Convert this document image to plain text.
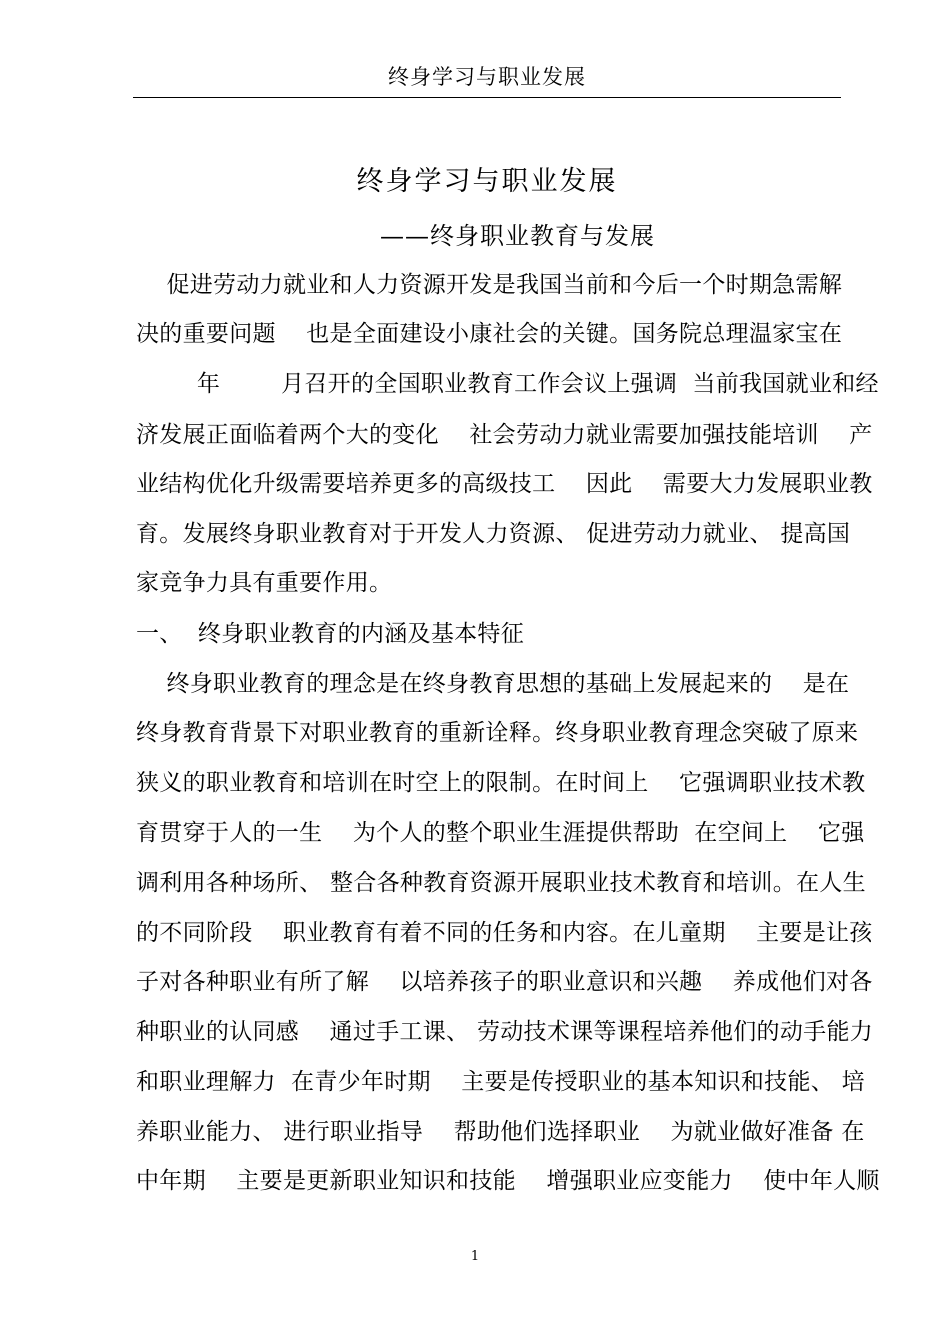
终身学习与职业发展
终身学习与职业发展
——终身职业教育与发展
促进劳动力就业和人力资源开发是我国当前和今后一个时期急需解
决的重要问题    也是全面建设小康社会的关键。国务院总理温家宝在
年        月召开的全国职业教育工作会议上强调  当前我国就业和经
济发展正面临着两个大的变化    社会劳动力就业需要加强技能培训    产
业结构优化升级需要培养更多的高级技工    因此    需要大力发展职业教
育。发展终身职业教育对于开发人力资源、 促进劳动力就业、 提高国
家竞争力具有重要作用。
一、  终身职业教育的内涵及基本特征
终身职业教育的理念是在终身教育思想的基础上发展起来的    是在
终身教育背景下对职业教育的重新诠释。终身职业教育理念突破了原来
狭义的职业教育和培训在时空上的限制。在时间上    它强调职业技术教
育贯穿于人的一生    为个人的整个职业生涯提供帮助  在空间上    它强
调利用各种场所、 整合各种教育资源开展职业技术教育和培训。在人生
的不同阶段    职业教育有着不同的任务和内容。在儿童期    主要是让孩
子对各种职业有所了解    以培养孩子的职业意识和兴趣    养成他们对各
种职业的认同感    通过手工课、 劳动技术课等课程培养他们的动手能力
和职业理解力  在青少年时期    主要是传授职业的基本知识和技能、 培
养职业能力、 进行职业指导    帮助他们选择职业    为就业做好准备 在
中年期    主要是更新职业知识和技能    增强职业应变能力    使中年人顺
1
